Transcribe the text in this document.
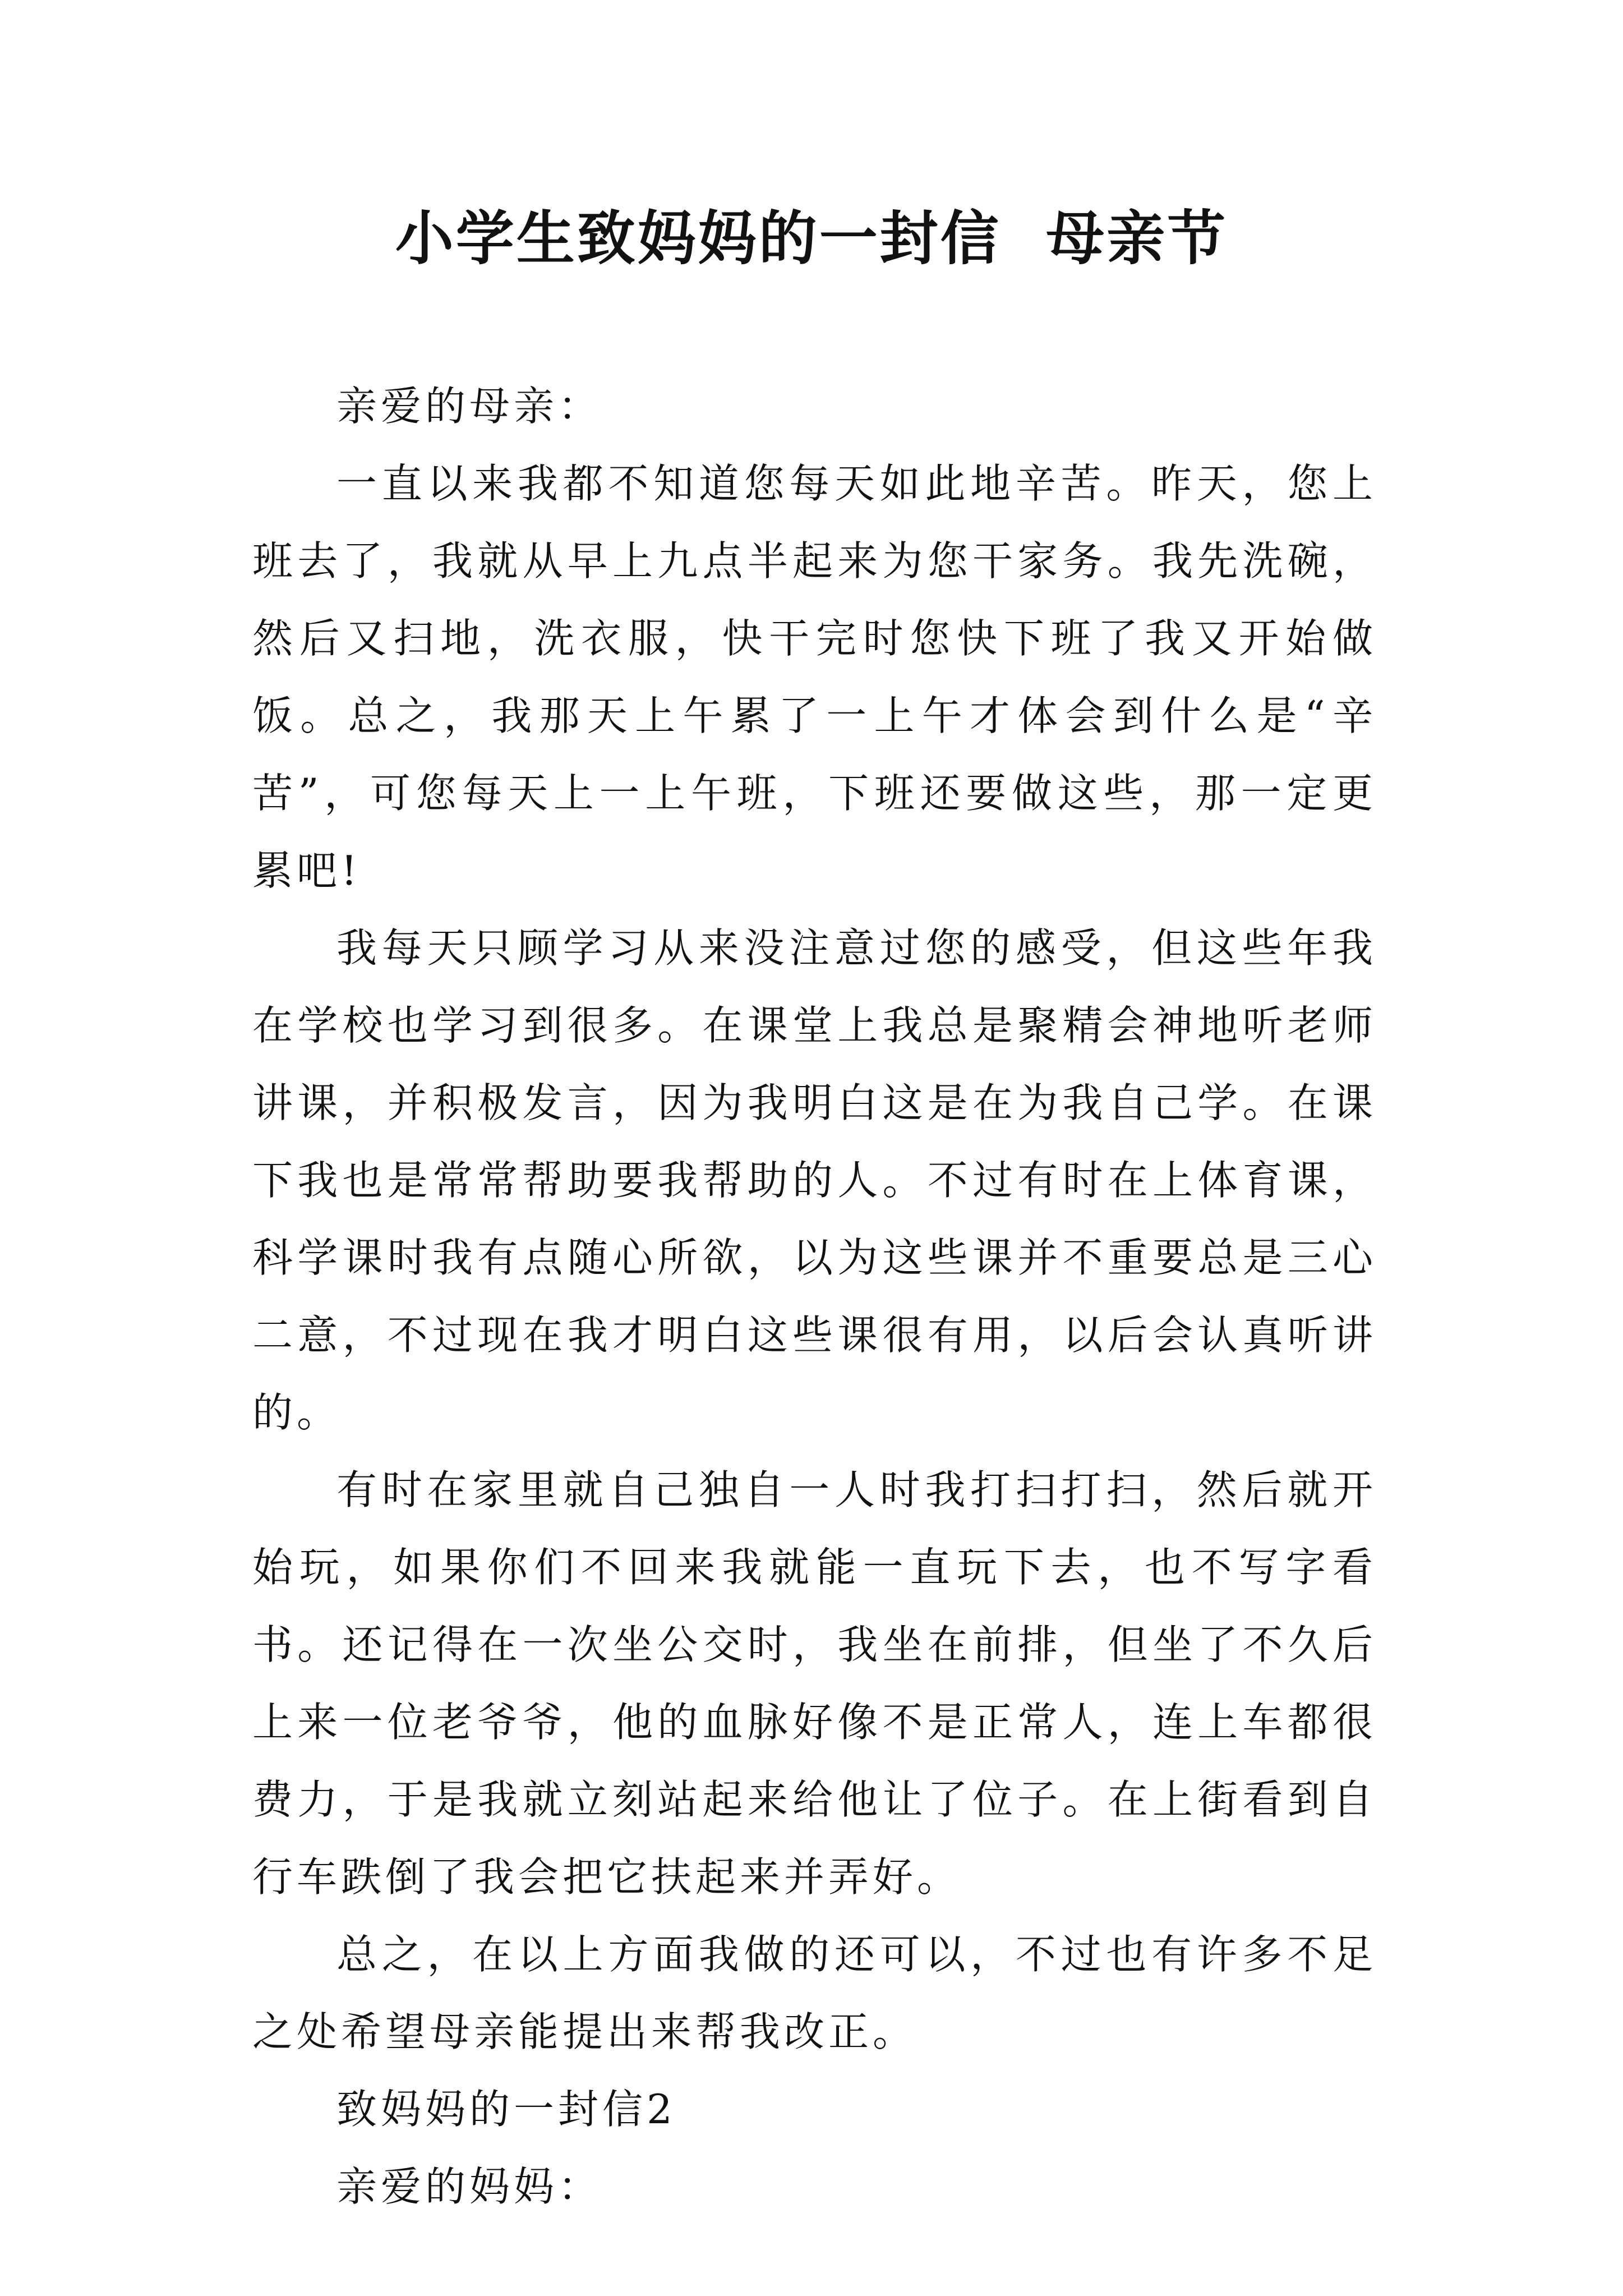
小学生致妈妈的一封信  母亲节

亲爱的母亲：

一直以来我都不知道您每天如此地辛苦。昨天，您上班去了，我就从早上九点半起来为您干家务。我先洗碗，然后又扫地，洗衣服，快干完时您快下班了我又开始做饭。总之，我那天上午累了一上午才体会到什么是“辛苦”，可您每天上一上午班，下班还要做这些，那一定更累吧!

我每天只顾学习从来没注意过您的感受，但这些年我在学校也学习到很多。在课堂上我总是聚精会神地听老师讲课，并积极发言，因为我明白这是在为我自己学。在课下我也是常常帮助要我帮助的人。不过有时在上体育课，科学课时我有点随心所欲，以为这些课并不重要总是三心二意，不过现在我才明白这些课很有用，以后会认真听讲的。

有时在家里就自己独自一人时我打扫打扫，然后就开始玩，如果你们不回来我就能一直玩下去，也不写字看书。还记得在一次坐公交时，我坐在前排，但坐了不久后上来一位老爷爷，他的血脉好像不是正常人，连上车都很费力，于是我就立刻站起来给他让了位子。在上街看到自行车跌倒了我会把它扶起来并弄好。

总之，在以上方面我做的还可以，不过也有许多不足之处希望母亲能提出来帮我改正。

致妈妈的一封信2

亲爱的妈妈：
